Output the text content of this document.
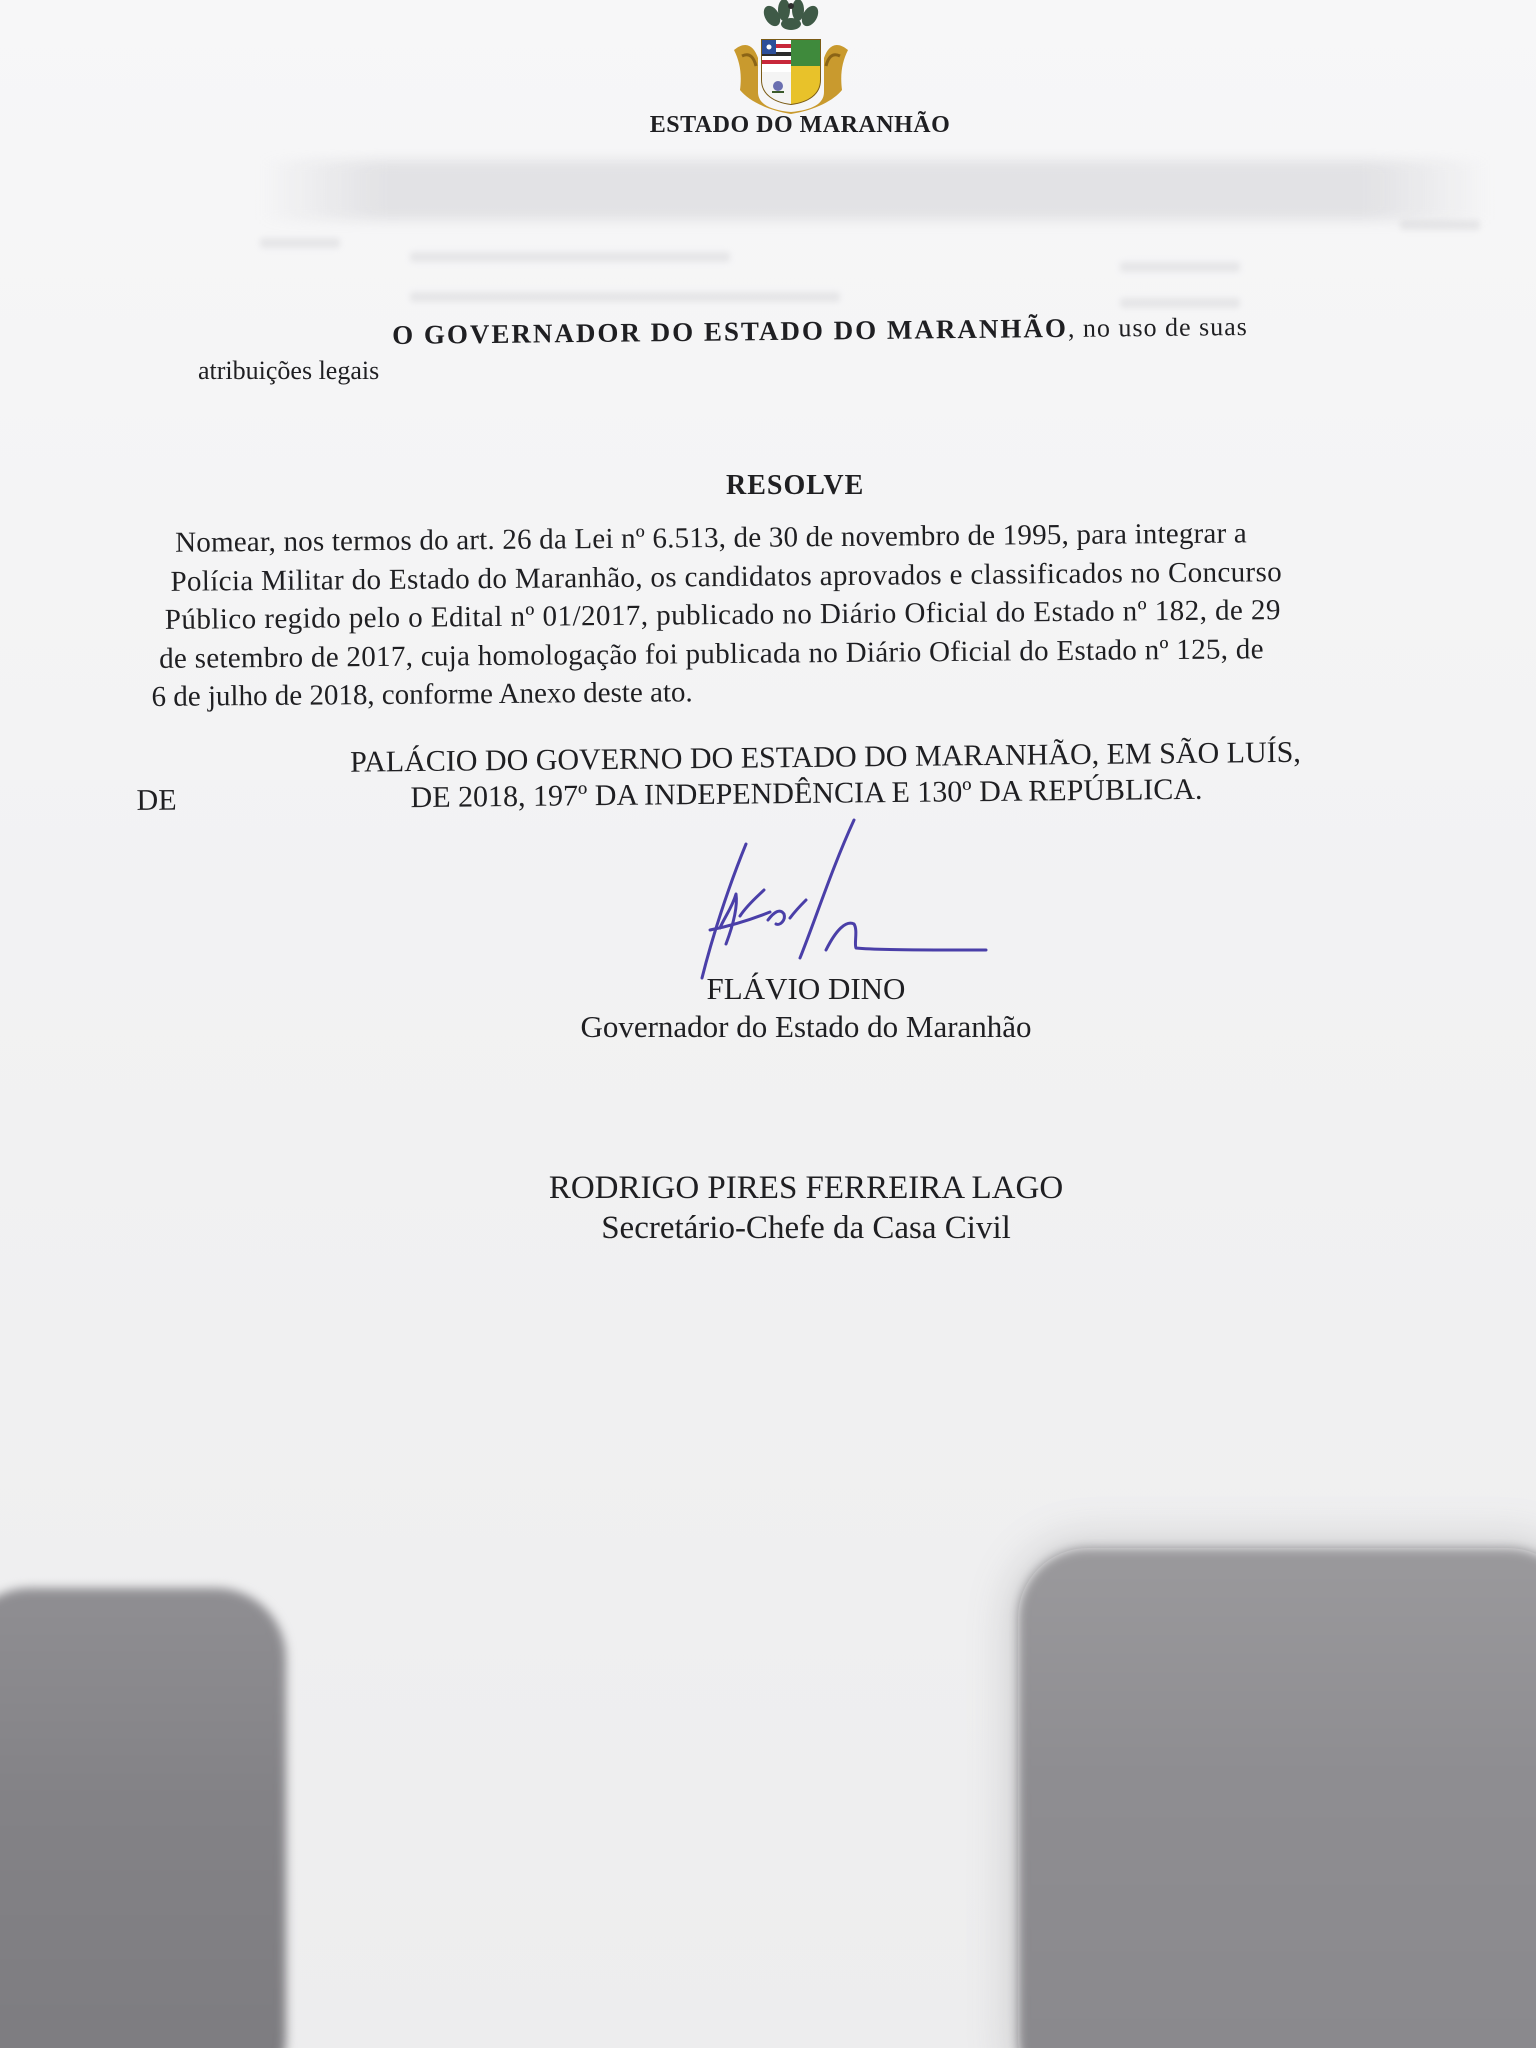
ESTADO DO MARANHÃO
O GOVERNADOR DO ESTADO DO MARANHÃO, no uso de suas
atribuições legais
RESOLVE
Nomear, nos termos do art. 26 da Lei nº 6.513, de 30 de novembro de 1995, para integrar a
Polícia Militar do Estado do Maranhão, os candidatos aprovados e classificados no Concurso
Público regido pelo o Edital nº 01/2017, publicado no Diário Oficial do Estado nº 182, de 29
de setembro de 2017, cuja homologação foi publicada no Diário Oficial do Estado nº 125, de
6 de julho de 2018, conforme Anexo deste ato.
PALÁCIO DO GOVERNO DO ESTADO DO MARANHÃO, EM SÃO LUÍS,
DE	DE 2018, 197º DA INDEPENDÊNCIA E 130º DA REPÚBLICA.
FLÁVIO DINO
Governador do Estado do Maranhão
RODRIGO PIRES FERREIRA LAGO
Secretário-Chefe da Casa Civil
